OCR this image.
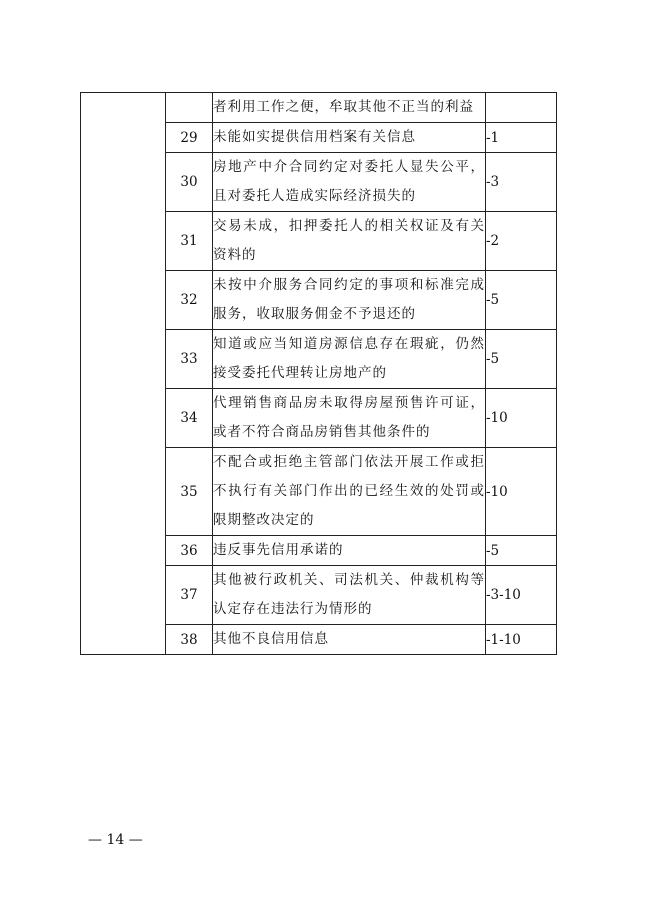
		者利用工作之便，牟取其他不正当的利益	
	29	未能如实提供信用档案有关信息	-1
	30	房地产中介合同约定对委托人显失公平，且对委托人造成实际经济损失的	-3
	31	交易未成，扣押委托人的相关权证及有关资料的	-2
	32	未按中介服务合同约定的事项和标准完成服务，收取服务佣金不予退还的	-5
	33	知道或应当知道房源信息存在瑕疵，仍然接受委托代理转让房地产的	-5
	34	代理销售商品房未取得房屋预售许可证，或者不符合商品房销售其他条件的	-10
	35	不配合或拒绝主管部门依法开展工作或拒不执行有关部门作出的已经生效的处罚或限期整改决定的	-10
	36	违反事先信用承诺的	-5
	37	其他被行政机关、司法机关、仲裁机构等认定存在违法行为情形的	-3-10
	38	其他不良信用信息	-1-10
— 14 —
